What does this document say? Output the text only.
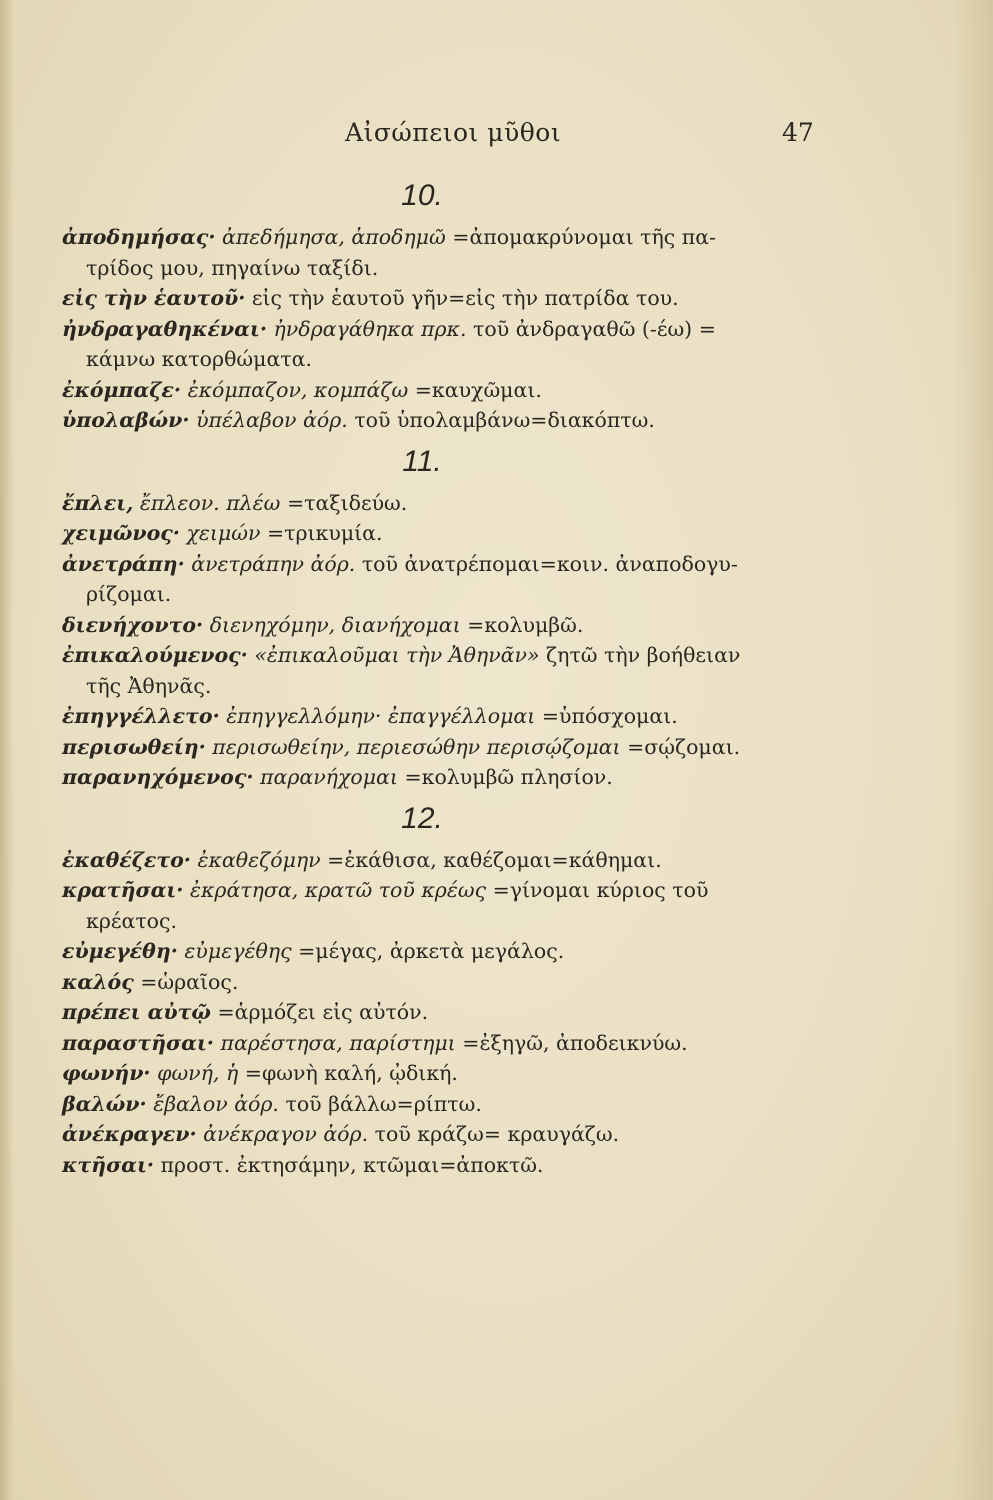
Αἰσώπειοι μῦθοι	47
10.
ἀποδημήσας· ἀπεδήμησα, ἀποδημῶ =ἀπομακρύνομαι τῆς πα-
τρίδος μου, πηγαίνω ταξίδι.
εἰς τὴν ἑαυτοῦ· εἰς τὴν ἑαυτοῦ γῆν=εἰς τὴν πατρίδα του.
ἠνδραγαθηκέναι· ἠνδραγάθηκα πρκ. τοῦ ἀνδραγαθῶ (-έω) =
κάμνω κατορθώματα.
ἐκόμπαζε· ἐκόμπαζον, κομπάζω =καυχῶμαι.
ὑπολαβών· ὑπέλαβον ἀόρ. τοῦ ὑπολαμβάνω=διακόπτω.
11.
ἔπλει, ἔπλεον. πλέω =ταξιδεύω.
χειμῶνος· χειμών =τρικυμία.
ἀνετράπη· ἀνετράπην ἀόρ. τοῦ ἀνατρέπομαι=κοιν. ἀναποδογυ-
ρίζομαι.
διενήχοντο· διενηχόμην, διανήχομαι =κολυμβῶ.
ἐπικαλούμενος· «ἐπικαλοῦμαι τὴν Ἀθηνᾶν» ζητῶ τὴν βοήθειαν
τῆς Ἀθηνᾶς.
ἐπηγγέλλετο· ἐπηγγελλόμην· ἐπαγγέλλομαι =ὑπόσχομαι.
περισωθείη· περισωθείην, περιεσώθην περισῴζομαι =σῴζομαι.
παρανηχόμενος· παρανήχομαι =κολυμβῶ πλησίον.
12.
ἐκαθέζετο· ἐκαθεζόμην =ἐκάθισα, καθέζομαι=κάθημαι.
κρατῆσαι· ἐκράτησα, κρατῶ τοῦ κρέως =γίνομαι κύριος τοῦ
κρέατος.
εὐμεγέθη· εὐμεγέθης =μέγας, ἀρκετὰ μεγάλος.
καλός =ὡραῖος.
πρέπει αὐτῷ =ἁρμόζει εἰς αὐτόν.
παραστῆσαι· παρέστησα, παρίστημι =ἐξηγῶ, ἀποδεικνύω.
φωνήν· φωνή, ἡ =φωνὴ καλή, ᾠδική.
βαλών· ἔβαλον ἀόρ. τοῦ βάλλω=ρίπτω.
ἀνέκραγεν· ἀνέκραγον ἀόρ. τοῦ κράζω= κραυγάζω.
κτῆσαι· προστ. ἐκτησάμην, κτῶμαι=ἀποκτῶ.
